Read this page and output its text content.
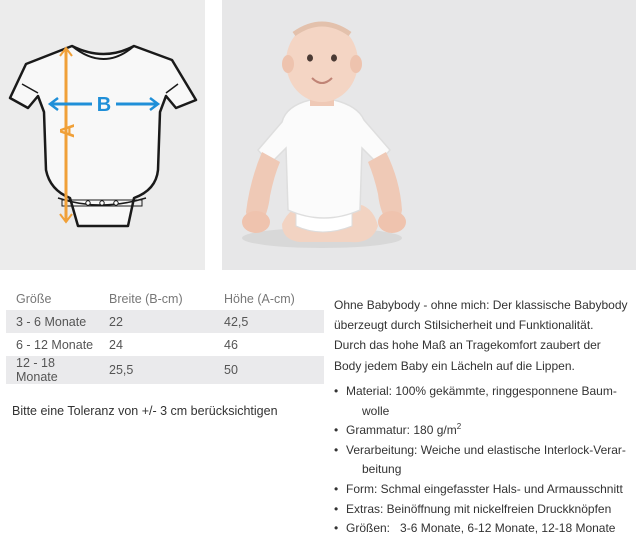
A
B
Größe	Breite (B-cm)	Höhe (A-cm)
3 - 6 Monate	22	42,5
6 - 12 Monate	24	46
12 - 18 Monate	25,5	50
Bitte eine Toleranz von +/- 3 cm berücksichtigen

Ohne Babybody - ohne mich: Der klassische Babybody

überzeugt durch Stilsicherheit und Funktionalität.

Durch das hohe Maß an Tragekomfort zaubert der

Body jedem Baby ein Lächeln auf die Lippen.

• Material: 100% gekämmte, ringgesponnene Baum-
wolle
• Grammatur: 180 $g/m^2$
• Verarbeitung: Weiche und elastische Interlock-Verar-
beitung
• Form: Schmal eingefasster Hals- und Armausschnitt
• Extras: Beinöffnung mit nickelfreien Druckknöpfen
• Größen:   3-6 Monate, 6-12 Monate, 12-18 Monate
